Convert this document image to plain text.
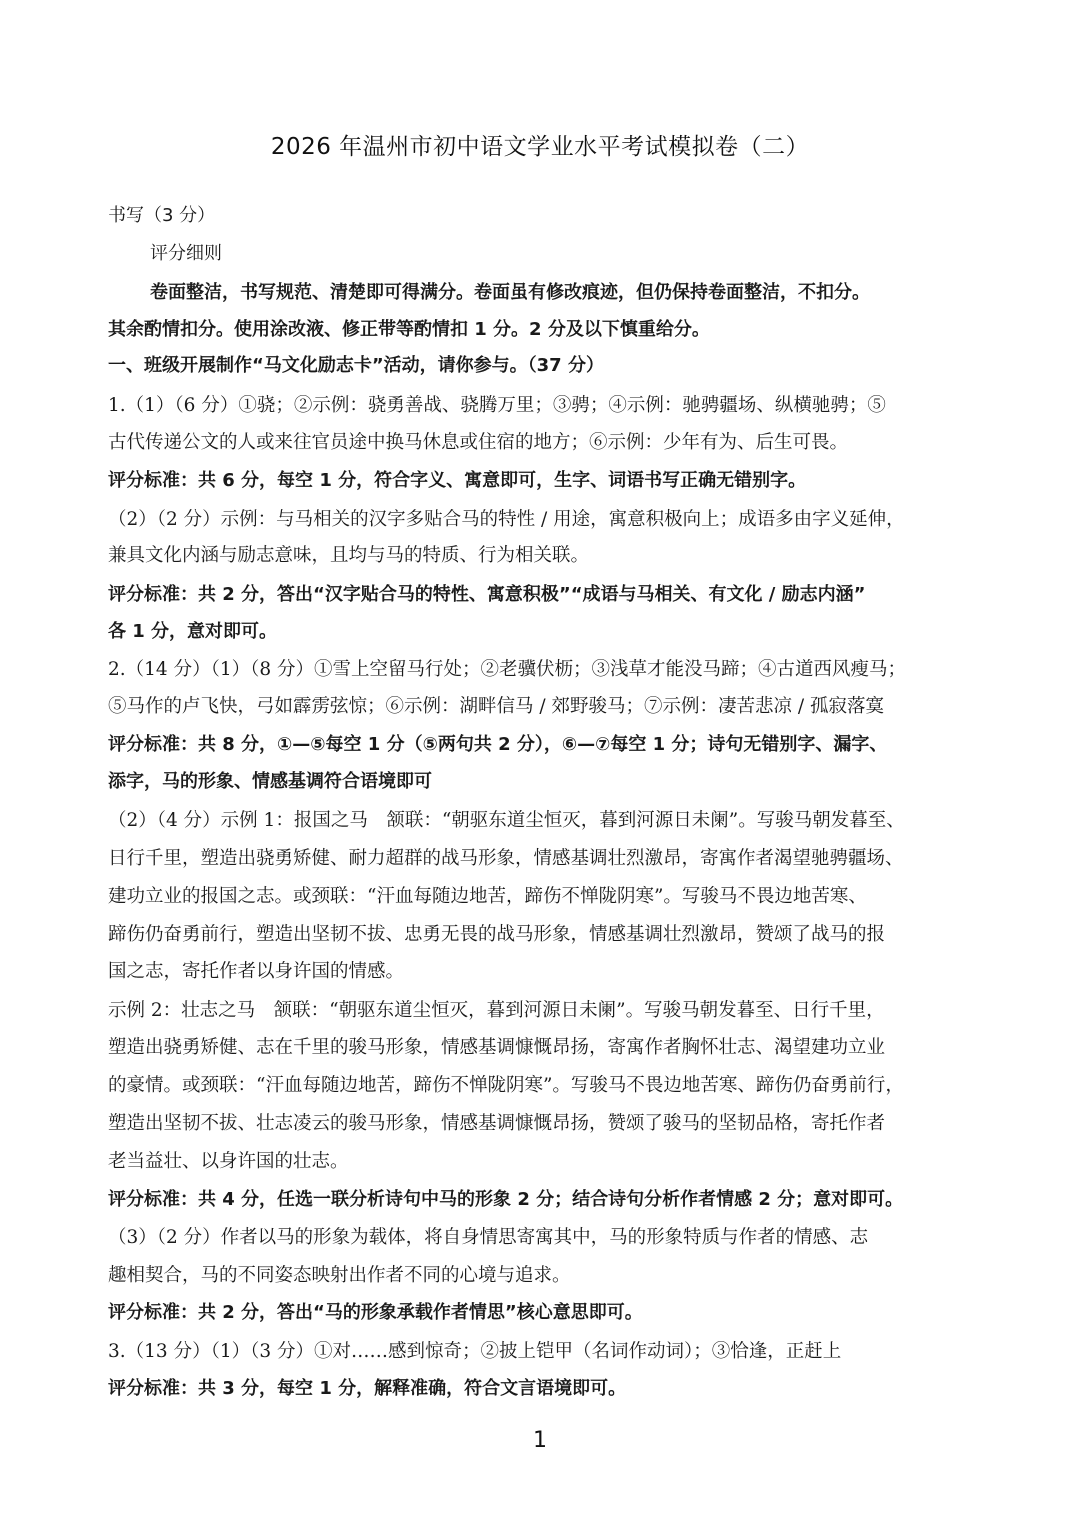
2026 年温州市初中语文学业水平考试模拟卷（二）
书写（3 分）
评分细则
卷面整洁，书写规范、清楚即可得满分。卷面虽有修改痕迹，但仍保持卷面整洁，不扣分。
其余酌情扣分。使用涂改液、修正带等酌情扣 1 分。2 分及以下慎重给分。
一、班级开展制作“马文化励志卡”活动，请你参与。（37 分）
1.（1）（6 分）①骁；②示例：骁勇善战、骁腾万里；③骋；④示例：驰骋疆场、纵横驰骋；⑤
古代传递公文的人或来往官员途中换马休息或住宿的地方；⑥示例：少年有为、后生可畏。
评分标准：共 6 分，每空 1 分，符合字义、寓意即可，生字、词语书写正确无错别字。
（2）（2 分）示例：与马相关的汉字多贴合马的特性 / 用途，寓意积极向上；成语多由字义延伸，
兼具文化内涵与励志意味，且均与马的特质、行为相关联。
评分标准：共 2 分，答出“汉字贴合马的特性、寓意积极”“成语与马相关、有文化 / 励志内涵”
各 1 分，意对即可。
2.（14 分）（1）（8 分）①雪上空留马行处；②老骥伏枥；③浅草才能没马蹄；④古道西风瘦马；
⑤马作的卢飞快，弓如霹雳弦惊；⑥示例：湖畔信马 / 郊野骏马；⑦示例：凄苦悲凉 / 孤寂落寞
评分标准：共 8 分，①—⑤每空 1 分（⑤两句共 2 分），⑥—⑦每空 1 分；诗句无错别字、漏字、
添字，马的形象、情感基调符合语境即可
（2）（4 分）示例 1：报国之马　颔联：“朝驱东道尘恒灭，暮到河源日未阑”。写骏马朝发暮至、
日行千里，塑造出骁勇矫健、耐力超群的战马形象，情感基调壮烈激昂，寄寓作者渴望驰骋疆场、
建功立业的报国之志。或颈联：“汗血每随边地苦，蹄伤不惮陇阴寒”。写骏马不畏边地苦寒、
蹄伤仍奋勇前行，塑造出坚韧不拔、忠勇无畏的战马形象，情感基调壮烈激昂，赞颂了战马的报
国之志，寄托作者以身许国的情感。
示例 2：壮志之马　颔联：“朝驱东道尘恒灭，暮到河源日未阑”。写骏马朝发暮至、日行千里，
塑造出骁勇矫健、志在千里的骏马形象，情感基调慷慨昂扬，寄寓作者胸怀壮志、渴望建功立业
的豪情。或颈联：“汗血每随边地苦，蹄伤不惮陇阴寒”。写骏马不畏边地苦寒、蹄伤仍奋勇前行，
塑造出坚韧不拔、壮志凌云的骏马形象，情感基调慷慨昂扬，赞颂了骏马的坚韧品格，寄托作者
老当益壮、以身许国的壮志。
评分标准：共 4 分，任选一联分析诗句中马的形象 2 分；结合诗句分析作者情感 2 分；意对即可。
（3）（2 分）作者以马的形象为载体，将自身情思寄寓其中，马的形象特质与作者的情感、志
趣相契合，马的不同姿态映射出作者不同的心境与追求。
评分标准：共 2 分，答出“马的形象承载作者情思”核心意思即可。
3.（13 分）（1）（3 分）①对……感到惊奇；②披上铠甲（名词作动词）；③恰逢，正赶上
评分标准：共 3 分，每空 1 分，解释准确，符合文言语境即可。
1
